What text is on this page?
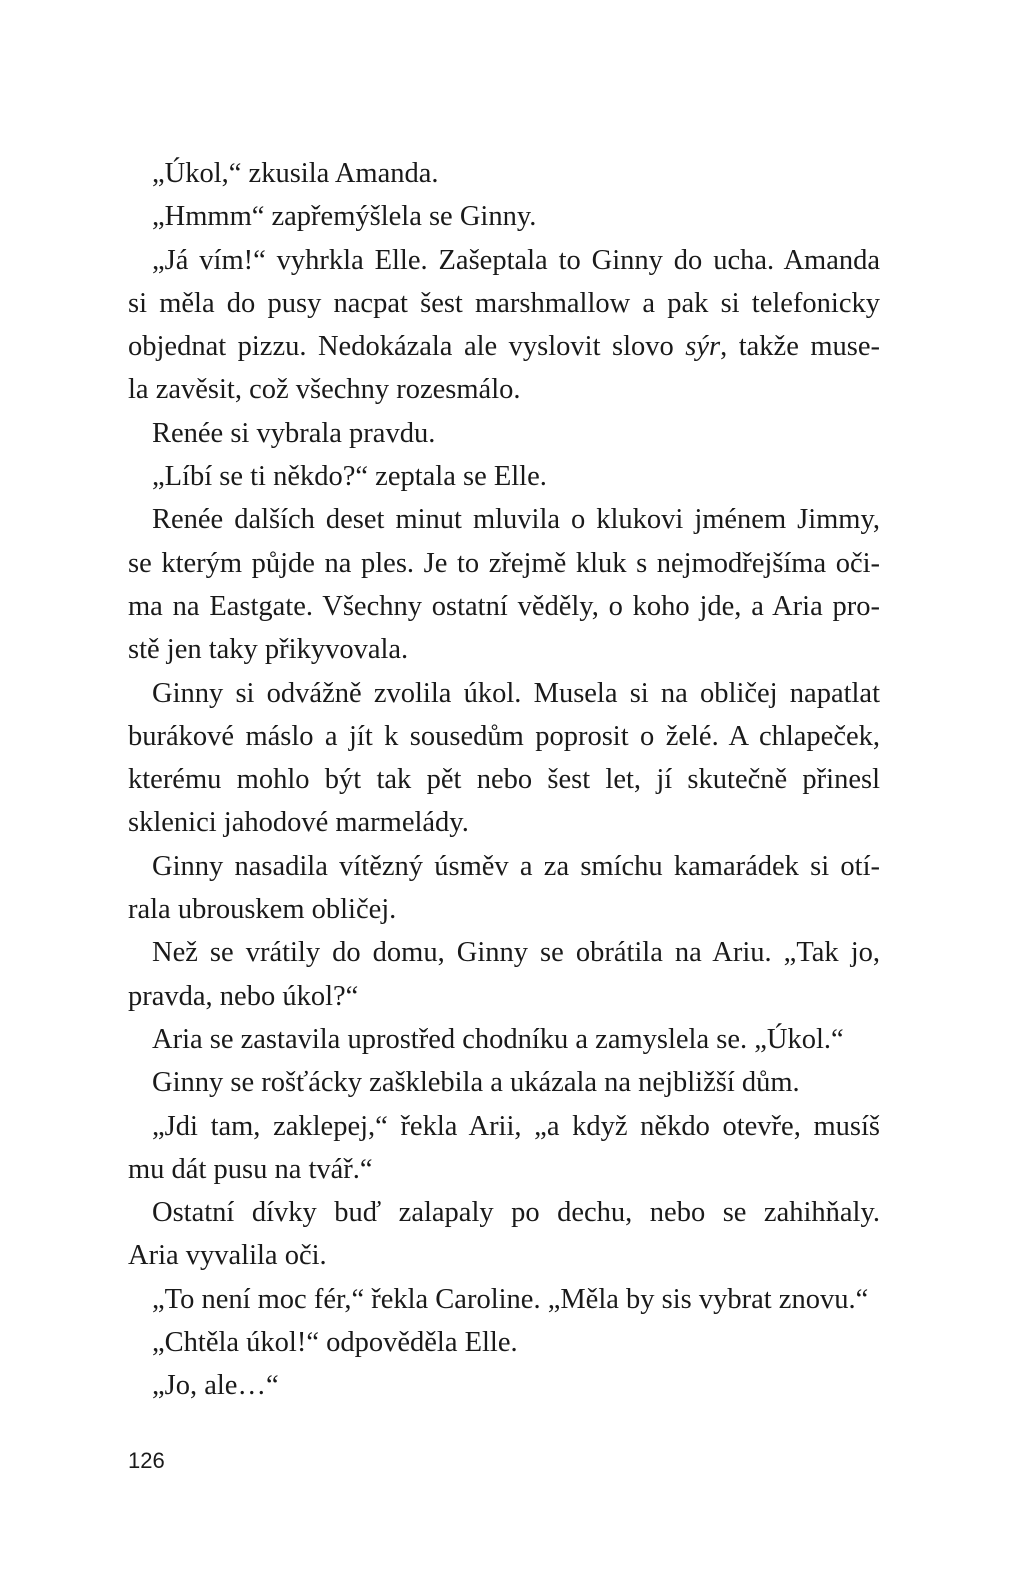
„Úkol,“ zkusila Amanda.
„Hmmm“ zapřemýšlela se Ginny.
„Já vím!“ vyhrkla Elle. Zašeptala to Ginny do ucha. Amanda
si měla do pusy nacpat šest marshmallow a pak si telefonicky
objednat pizzu. Nedokázala ale vyslovit slovo sýr, takže muse-
la zavěsit, což všechny rozesmálo.
Renée si vybrala pravdu.
„Líbí se ti někdo?“ zeptala se Elle.
Renée dalších deset minut mluvila o klukovi jménem Jimmy,
se kterým půjde na ples. Je to zřejmě kluk s nejmodřejšíma oči-
ma na Eastgate. Všechny ostatní věděly, o koho jde, a Aria pro-
stě jen taky přikyvovala.
Ginny si odvážně zvolila úkol. Musela si na obličej napatlat
burákové máslo a jít k sousedům poprosit o želé. A chlapeček,
kterému mohlo být tak pět nebo šest let, jí skutečně přinesl
sklenici jahodové marmelády.
Ginny nasadila vítězný úsměv a za smíchu kamarádek si otí-
rala ubrouskem obličej.
Než se vrátily do domu, Ginny se obrátila na Ariu. „Tak jo,
pravda, nebo úkol?“
Aria se zastavila uprostřed chodníku a zamyslela se. „Úkol.“
Ginny se rošťácky zašklebila a ukázala na nejbližší dům.
„Jdi tam, zaklepej,“ řekla Arii, „a když někdo otevře, musíš
mu dát pusu na tvář.“
Ostatní dívky buď zalapaly po dechu, nebo se zahihňaly.
Aria vyvalila oči.
„To není moc fér,“ řekla Caroline. „Měla by sis vybrat znovu.“
„Chtěla úkol!“ odpověděla Elle.
„Jo, ale…“
126
